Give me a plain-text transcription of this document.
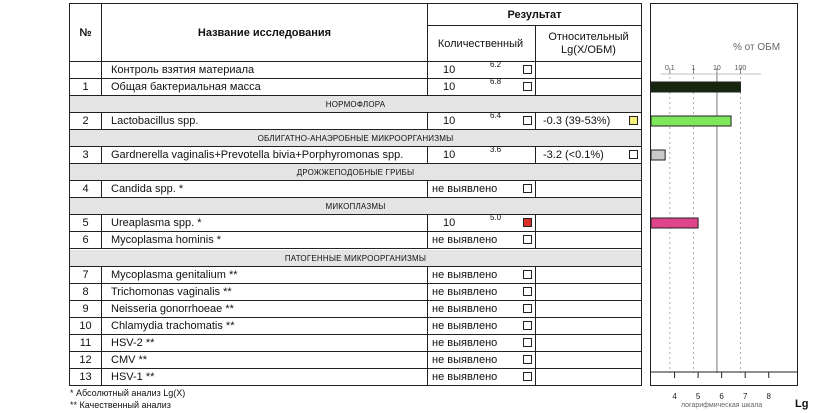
№	Название исследования
Результат
Количественный
Относительный Lg(X/ОБМ)
Контроль взятия материала	10	6.2
1	Общая бактериальная масса	10	6.8
НОРМОФЛОРА
2	Lactobacillus spp.	10	6.4	-0.3 (39-53%)
ОБЛИГАТНО-АНАЭРОБНЫЕ МИКРООРГАНИЗМЫ
3	Gardnerella vaginalis+Prevotella bivia+Porphyromonas spp.	10	3.6	-3.2 (<0.1%)
ДРОЖЖЕПОДОБНЫЕ ГРИБЫ
4	Candida spp. *	не выявлено
МИКОПЛАЗМЫ
5	Ureaplasma spp. *	10	5.0
6	Mycoplasma hominis *	не выявлено
ПАТОГЕННЫЕ МИКРООРГАНИЗМЫ
7	Mycoplasma genitalium **	не выявлено
8	Trichomonas vaginalis **	не выявлено
9	Neisseria gonorrhoeae **	не выявлено
10	Chlamydia trachomatis **	не выявлено
11	HSV-2 **	не выявлено
12	CMV **	не выявлено
13	HSV-1 **	не выявлено
* Абсолютный анализ Lg(X)
** Качественный анализ
0.1 1	10 100
4 5 6 7 8
% от ОБМ
логарифмическая шкала	Lg
